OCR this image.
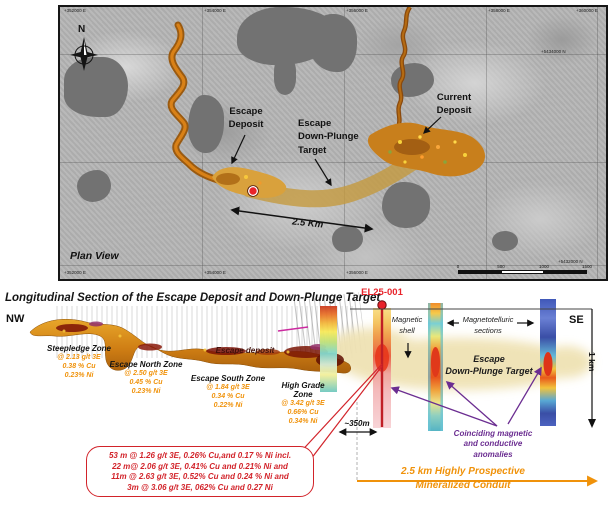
N
Escape
Deposit	Escape
Down-Plunge
Target
Current
Deposit
2.5 Km
Plan View
+352000 E	+354000 E	+356000 E	+358000 E	+360000 E
+352000 E	+354000 E	+356000 E
+5434000 N
+5432000 N
0	500	1000	1500
Longitudinal Section of the Escape Deposit and Down-Plunge Target
NW	SE
EL25-001
1 km
Steepledge Zone
@ 2.13 g/t 3E
0.38 % Cu
0.23% Ni
Escape North Zone
@ 2.50 g/t 3E
0.45 % Cu
0.23% Ni
Escape South Zone
@ 1.84 g/t 3E
0.34 % Cu
0.22% Ni
High Grade
Zone
@ 3.42 g/t 3E
0.66% Cu
0.34% Ni
Escape deposit
Magnetic
shell
Magnetotelluric
sections
Escape
Down-Plunge Target
~350m
Coinciding magnetic
and conductive
anomalies
2.5 km Highly Prospective
Mineralized Conduit
53 m @ 1.26 g/t 3E, 0.26% Cu,and 0.17 % Ni incl.
22 m@ 2.06 g/t 3E, 0.41% Cu and 0.21% Ni and
11m @ 2.63 g/t 3E, 0.52% Cu and 0.24 % Ni and
3m @ 3.06 g/t 3E, 062% Cu and 0.27 Ni
